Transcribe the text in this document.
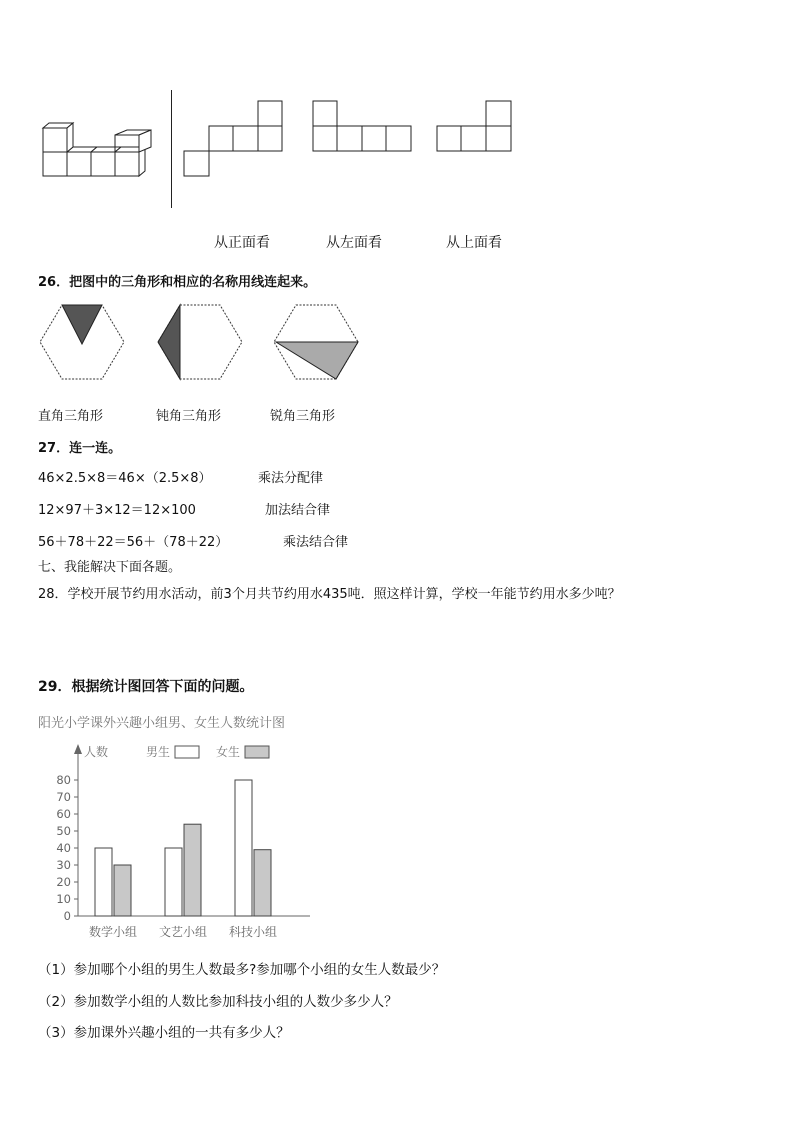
从正面看	从左面看	从上面看
26．把图中的三角形和相应的名称用线连起来。
直角三角形	钝角三角形	锐角三角形
27．连一连。
46×2.5×8＝46×（2.5×8）	乘法分配律
12×97＋3×12＝12×100	加法结合律
56＋78＋22＝56＋（78＋22）	乘法结合律
七、我能解决下面各题。
28．学校开展节约用水活动，前3个月共节约用水435吨．照这样计算，学校一年能节约用水多少吨？
29．根据统计图回答下面的问题。
阳光小学课外兴趣小组男、女生人数统计图
人数	男生	女生
0
10
20
30
40
50
60
70
80
数学小组 文艺小组 科技小组
（1）参加哪个小组的男生人数最多?参加哪个小组的女生人数最少？
（2）参加数学小组的人数比参加科技小组的人数少多少人？
（3）参加课外兴趣小组的一共有多少人？
